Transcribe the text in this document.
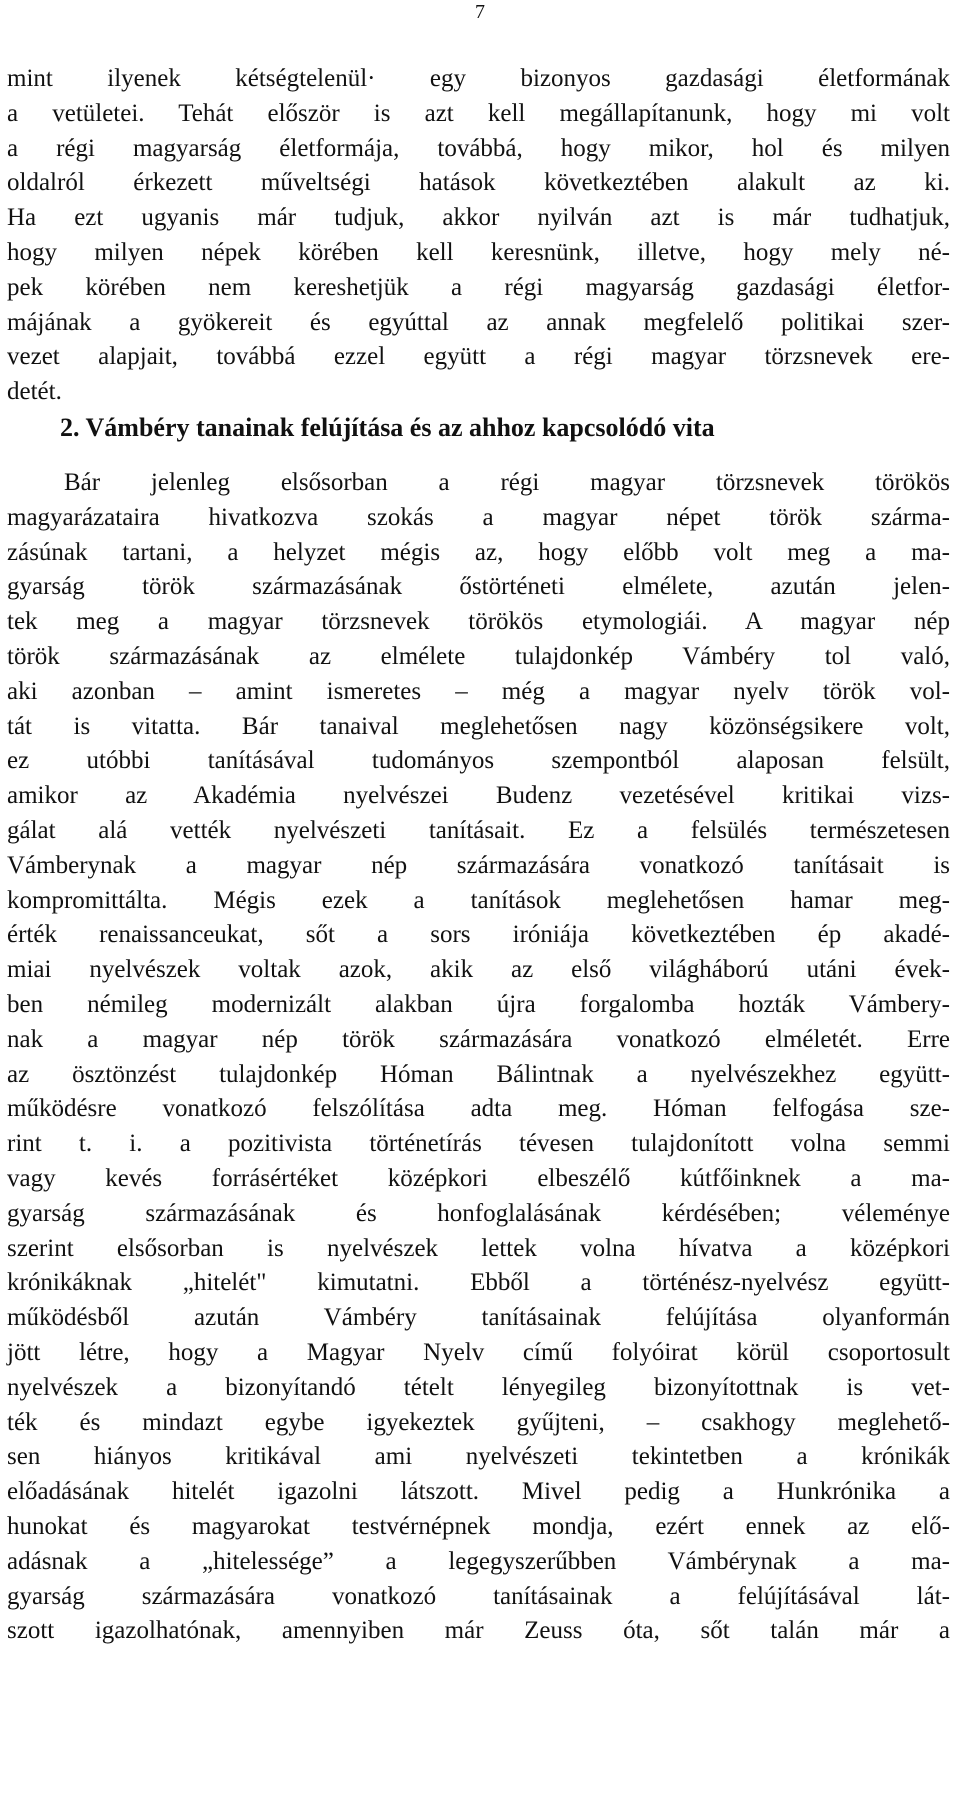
7
mint ilyenek kétségtelenül· egy bizonyos gazdasági életformának
a vetületei. Tehát először is azt kell megállapítanunk, hogy mi volt
a régi magyarság életformája, továbbá, hogy mikor, hol és milyen
oldalról érkezett műveltségi hatások következtében alakult az ki.
Ha ezt ugyanis már tudjuk, akkor nyilván azt is már tudhatjuk,
hogy milyen népek körében kell keresnünk, illetve, hogy mely né-
pek körében nem kereshetjük a régi magyarság gazdasági életfor-
májának a gyökereit és egyúttal az annak megfelelő politikai szer-
vezet alapjait, továbbá ezzel együtt a régi magyar törzsnevek ere-
detét.
2. Vámbéry tanainak felújítása és az ahhoz kapcsolódó vita
Bár jelenleg elsősorban a régi magyar törzsnevek törökös
magyarázataira hivatkozva szokás a magyar népet török szárma-
zásúnak tartani, a helyzet mégis az, hogy előbb volt meg a ma-
gyarság török származásának őstörténeti elmélete, azután jelen-
tek meg a magyar törzsnevek törökös etymologiái. A magyar nép
török származásának az elmélete tulajdonkép Vámbéry tol való,
aki azonban – amint ismeretes – még a magyar nyelv török vol-
tát is vitatta. Bár tanaival meglehetősen nagy közönségsikere volt,
ez utóbbi tanításával tudományos szempontból alaposan felsült,
amikor az Akadémia nyelvészei Budenz vezetésével kritikai vizs-
gálat alá vették nyelvészeti tanításait. Ez a felsülés természetesen
Vámberynak a magyar nép származására vonatkozó tanításait is
kompromittálta. Mégis ezek a tanítások meglehetősen hamar meg-
érték renaissanceukat, sőt a sors iróniája következtében ép akadé-
miai nyelvészek voltak azok, akik az első világháború utáni évek-
ben némileg modernizált alakban újra forgalomba hozták Vámbery-
nak a magyar nép török származására vonatkozó elméletét. Erre
az ösztönzést tulajdonkép Hóman Bálintnak a nyelvészekhez együtt-
működésre vonatkozó felszólítása adta meg. Hóman felfogása sze-
rint t. i. a pozitivista történetírás tévesen tulajdonított volna semmi
vagy kevés forrásértéket középkori elbeszélő kútfőinknek a ma-
gyarság származásának és honfoglalásának kérdésében; véleménye
szerint elsősorban is nyelvészek lettek volna hívatva a középkori
krónikáknak „hitelét" kimutatni. Ebből a történész-nyelvész együtt-
működésből azután Vámbéry tanításainak felújítása olyanformán
jött létre, hogy a Magyar Nyelv című folyóirat körül csoportosult
nyelvészek a bizonyítandó tételt lényegileg bizonyítottnak is vet-
ték és mindazt egybe igyekeztek gyűjteni, – csakhogy meglehető-
sen hiányos kritikával ami nyelvészeti tekintetben a krónikák
előadásának hitelét igazolni látszott. Mivel pedig a Hunkrónika a
hunokat és magyarokat testvérnépnek mondja, ezért ennek az elő-
adásnak a „hitelessége” a legegyszerűbben Vámbérynak a ma-
gyarság származására vonatkozó tanításainak a felújításával lát-
szott igazolhatónak, amennyiben már Zeuss óta, sőt talán már a
